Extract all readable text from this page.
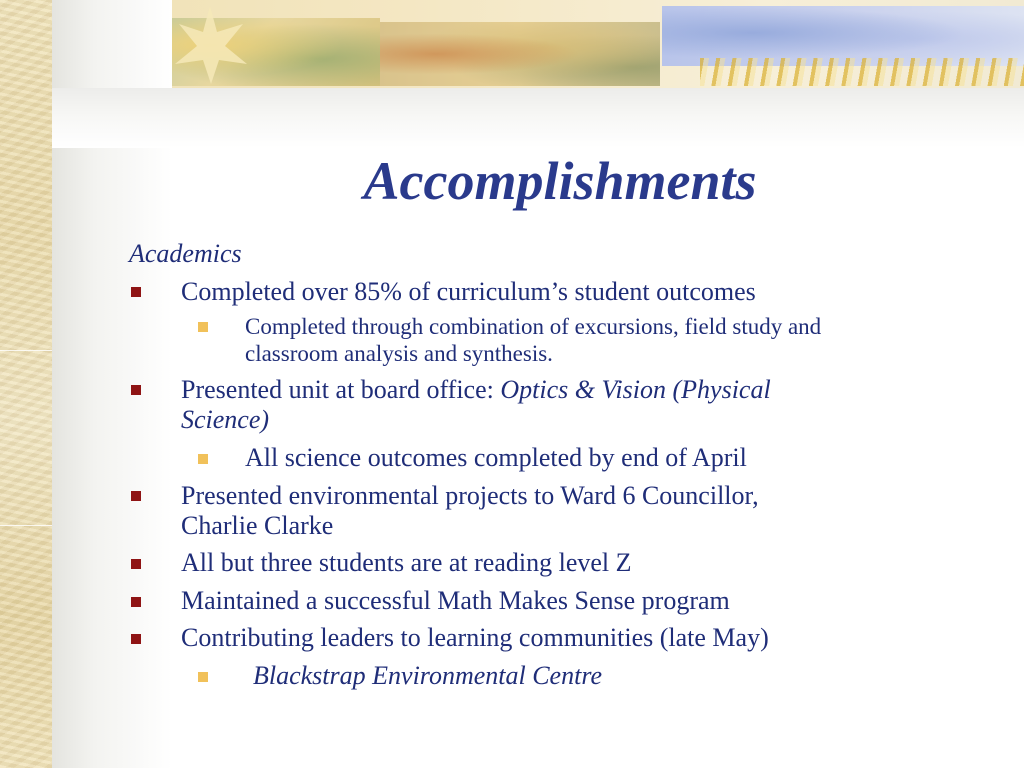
Accomplishments

Academics

Completed over 85% of curriculum’s student outcomes

Completed through combination of excursions, field study and

classroom analysis and synthesis.

Presented unit at board office: Optics & Vision (Physical

Science)

All science outcomes completed by end of April

Presented environmental projects to Ward 6 Councillor,

Charlie Clarke

All but three students are at reading level Z

Maintained a successful Math Makes Sense program

Contributing leaders to learning communities (late May)

Blackstrap Environmental Centre
